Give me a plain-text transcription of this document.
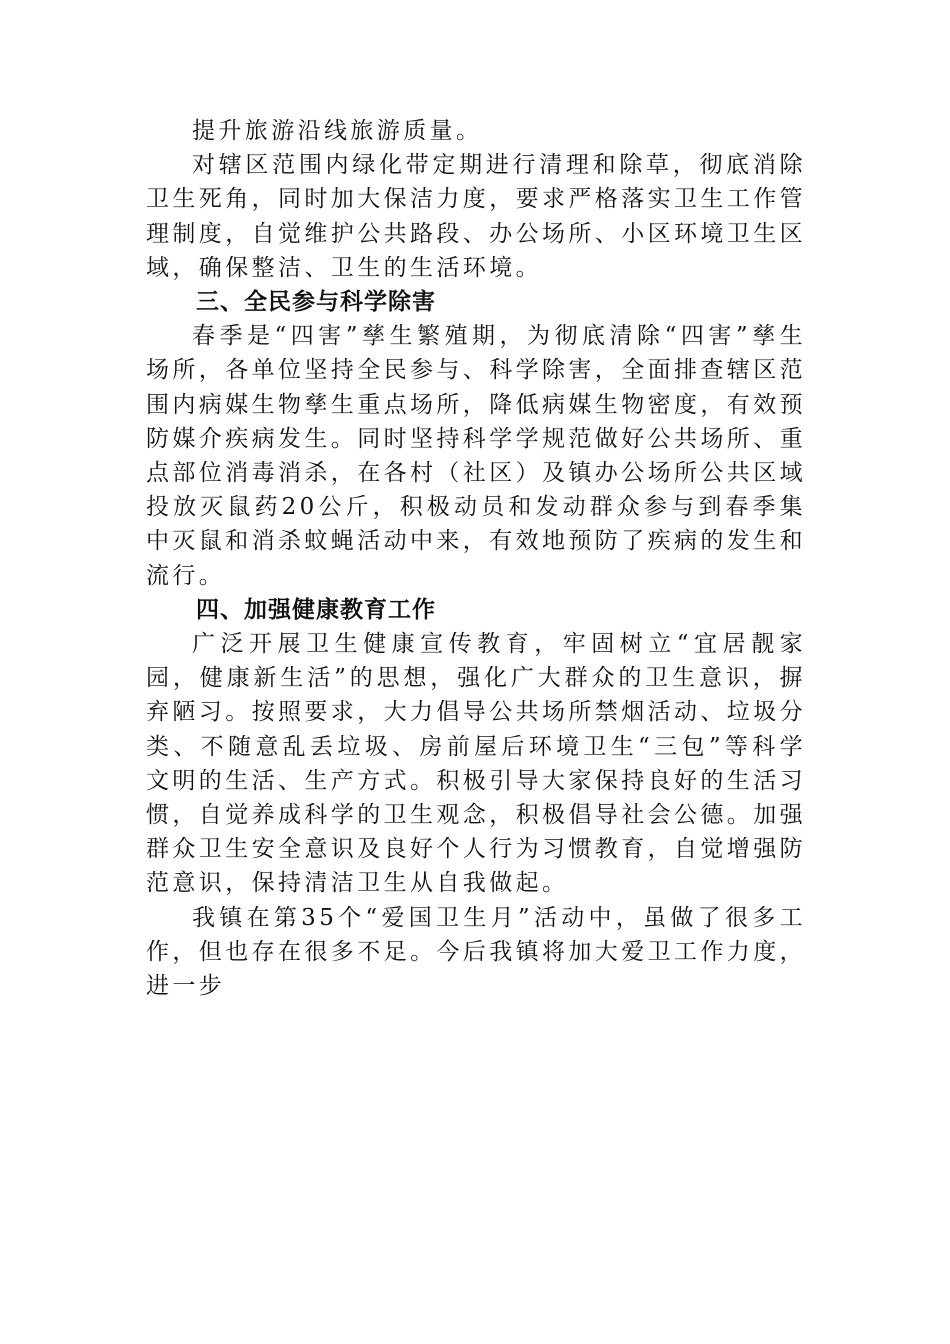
提升旅游沿线旅游质量。

对辖区范围内绿化带定期进行清理和除草，彻底消除卫生死角，同时加大保洁力度，要求严格落实卫生工作管理制度，自觉维护公共路段、办公场所、小区环境卫生区域，确保整洁、卫生的生活环境。

三、全民参与科学除害

春季是“四害”孳生繁殖期，为彻底清除“四害”孳生场所，各单位坚持全民参与、科学除害，全面排查辖区范围内病媒生物孳生重点场所，降低病媒生物密度，有效预防媒介疾病发生。同时坚持科学学规范做好公共场所、重点部位消毒消杀，在各村（社区）及镇办公场所公共区域投放灭鼠药20公斤，积极动员和发动群众参与到春季集中灭鼠和消杀蚊蝇活动中来，有效地预防了疾病的发生和流行。

四、加强健康教育工作

广泛开展卫生健康宣传教育，牢固树立“宜居靓家园，健康新生活”的思想，强化广大群众的卫生意识，摒弃陋习。按照要求，大力倡导公共场所禁烟活动、垃圾分类、不随意乱丢垃圾、房前屋后环境卫生“三包”等科学文明的生活、生产方式。积极引导大家保持良好的生活习惯，自觉养成科学的卫生观念，积极倡导社会公德。加强群众卫生安全意识及良好个人行为习惯教育，自觉增强防范意识，保持清洁卫生从自我做起。

我镇在第35个“爱国卫生月”活动中，虽做了很多工作，但也存在很多不足。今后我镇将加大爱卫工作力度，进一步
